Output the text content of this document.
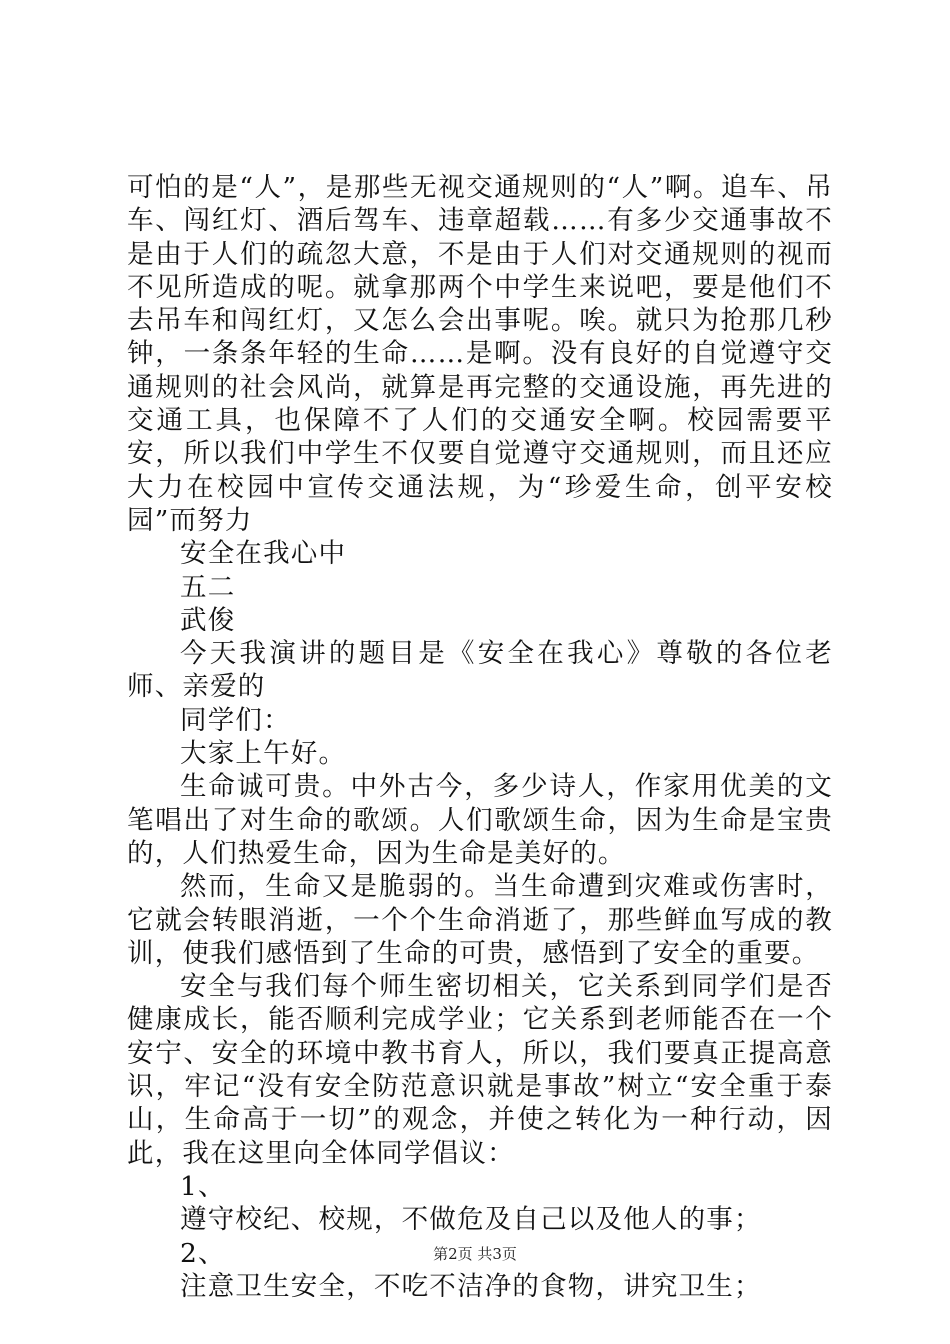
可怕的是“人”，是那些无视交通规则的“人”啊。追车、吊车、闯红灯、酒后驾车、违章超载……有多少交通事故不是由于人们的疏忽大意，不是由于人们对交通规则的视而不见所造成的呢。就拿那两个中学生来说吧，要是他们不去吊车和闯红灯，又怎么会出事呢。唉。就只为抢那几秒钟，一条条年轻的生命……是啊。没有良好的自觉遵守交通规则的社会风尚，就算是再完整的交通设施，再先进的交通工具，也保障不了人们的交通安全啊。校园需要平安，所以我们中学生不仅要自觉遵守交通规则，而且还应大力在校园中宣传交通法规，为“珍爱生命，创平安校园”而努力

安全在我心中

五二

武俊

今天我演讲的题目是《安全在我心》尊敬的各位老师、亲爱的

同学们：

大家上午好。

生命诚可贵。中外古今，多少诗人，作家用优美的文笔唱出了对生命的歌颂。人们歌颂生命，因为生命是宝贵的，人们热爱生命，因为生命是美好的。

然而，生命又是脆弱的。当生命遭到灾难或伤害时，它就会转眼消逝，一个个生命消逝了，那些鲜血写成的教训，使我们感悟到了生命的可贵，感悟到了安全的重要。

安全与我们每个师生密切相关，它关系到同学们是否健康成长，能否顺利完成学业；它关系到老师能否在一个安宁、安全的环境中教书育人，所以，我们要真正提高意识，牢记“没有安全防范意识就是事故”树立“安全重于泰山，生命高于一切”的观念，并使之转化为一种行动，因此，我在这里向全体同学倡议：

1、

遵守校纪、校规，不做危及自己以及他人的事；

2、

注意卫生安全，不吃不洁净的食物，讲究卫生；

第2页 共3页
